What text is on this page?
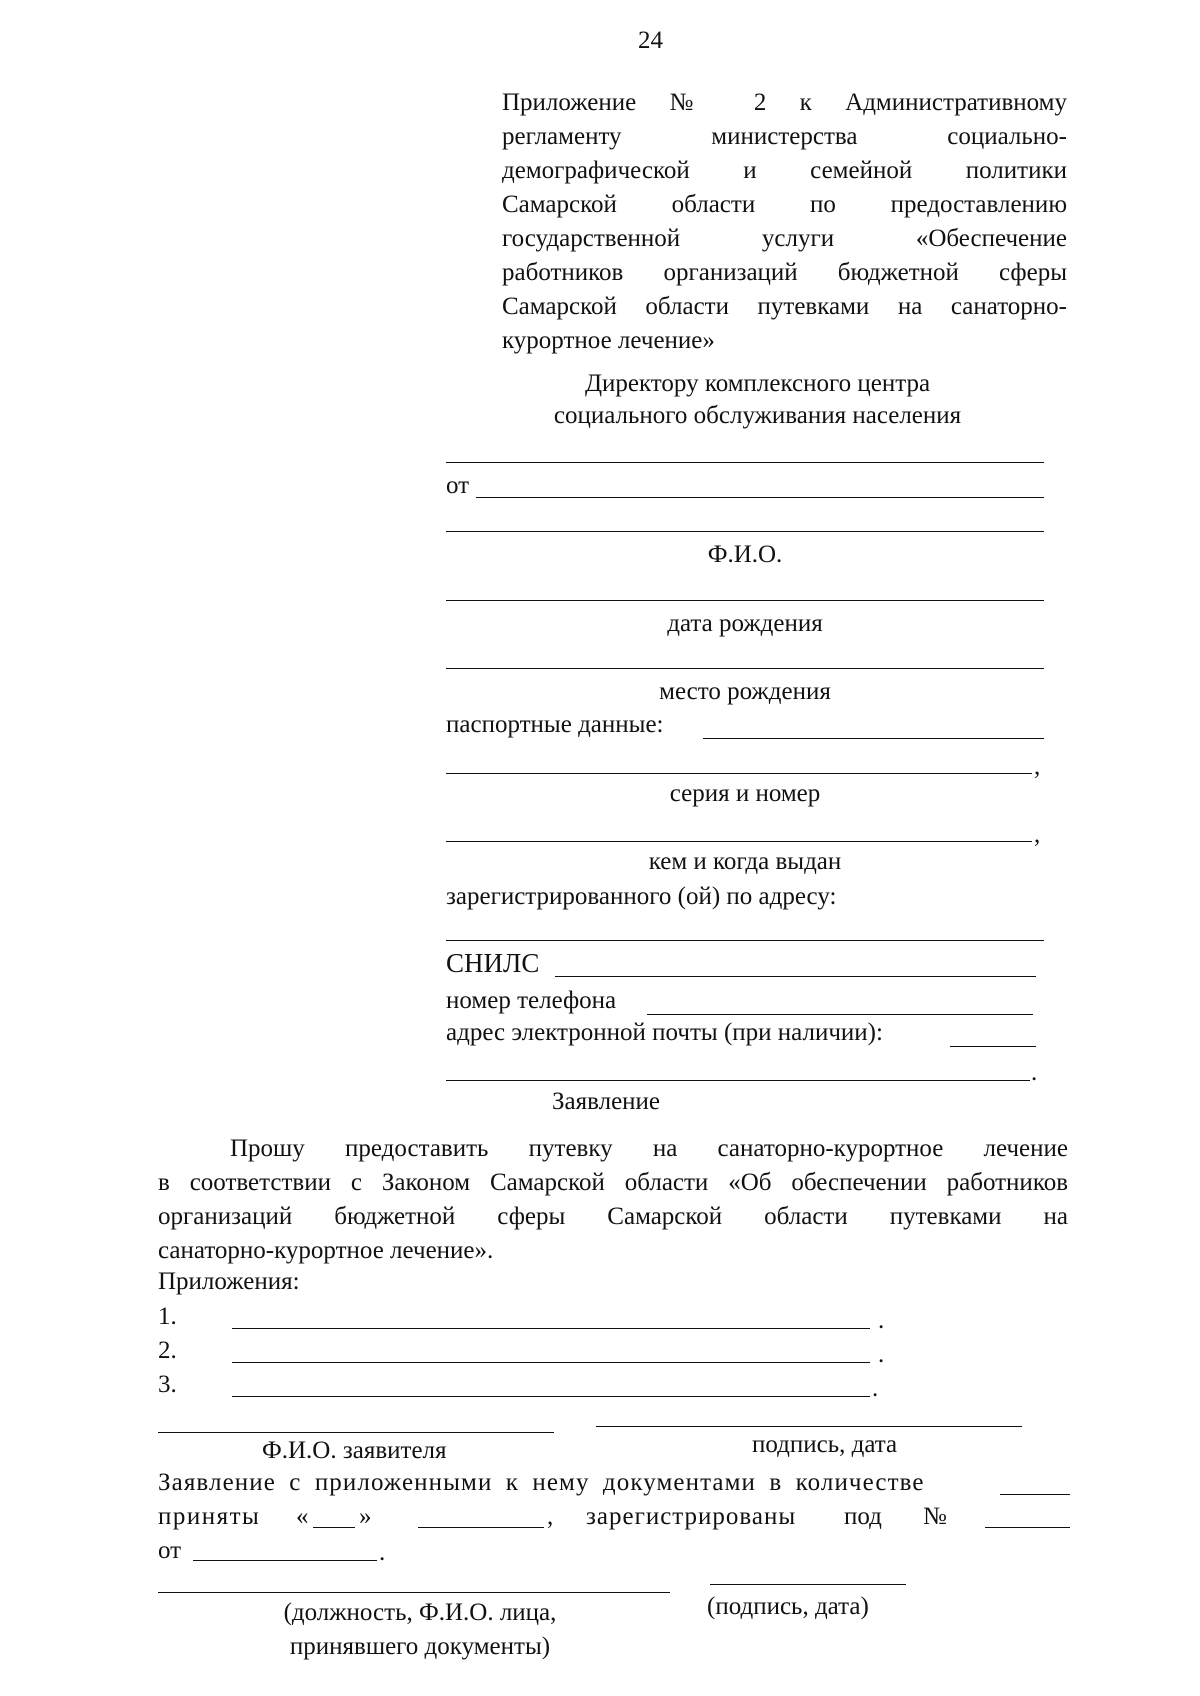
24
Приложение № 2 к Административному
регламенту министерства социально-
демографической и семейной политики
Самарской области по предоставлению
государственной услуги «Обеспечение
работников организаций бюджетной сферы
Самарской области путевками на санаторно-
курортное лечение»
Директору комплексного центра
социального обслуживания населения
от
Ф.И.О.
дата рождения
место рождения
паспортные данные:
,
серия и номер
,
кем и когда выдан
зарегистрированного (ой) по адресу:
СНИЛС
номер телефона
адрес электронной почты (при наличии):
.
Заявление
Прошу предоставить путевку на санаторно-курортное лечение
в соответствии с Законом Самарской области «Об обеспечении работников
организаций бюджетной сферы Самарской области путевками на
санаторно-курортное лечение».
Приложения:
1.	.
2.	.
3.	.
Ф.И.О. заявителя	подпись, дата
Заявление с приложенными к нему документами в количестве
приняты « »	, зарегистрированы под №
от	.
(должность, Ф.И.О. лица,
принявшего документы)
(подпись, дата)
